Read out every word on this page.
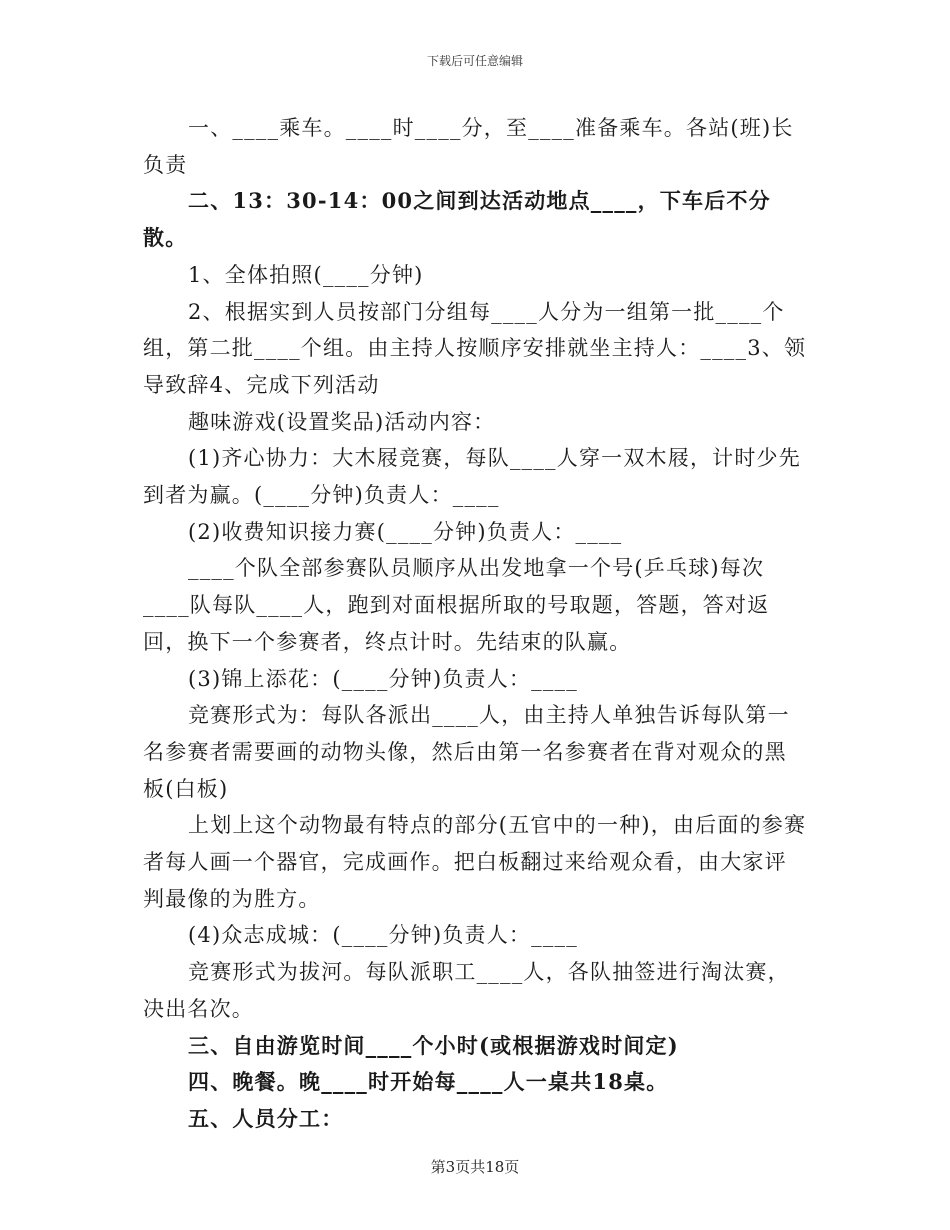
下载后可任意编辑

一、____乘车。____时____分，至____准备乘车。各站(班)长负责

二、13：30-14：00之间到达活动地点____，下车后不分散。

1、全体拍照(____分钟)

2、根据实到人员按部门分组每____人分为一组第一批____个组，第二批____个组。由主持人按顺序安排就坐主持人：____3、领导致辞4、完成下列活动

趣味游戏(设置奖品)活动内容：

(1)齐心协力：大木屐竞赛，每队____人穿一双木屐，计时少先到者为赢。(____分钟)负责人：____

(2)收费知识接力赛(____分钟)负责人：____

____个队全部参赛队员顺序从出发地拿一个号(乒乓球)每次____队每队____人，跑到对面根据所取的号取题，答题，答对返回，换下一个参赛者，终点计时。先结束的队赢。

(3)锦上添花：(____分钟)负责人：____

竞赛形式为：每队各派出____人，由主持人单独告诉每队第一名参赛者需要画的动物头像，然后由第一名参赛者在背对观众的黑板(白板)

上划上这个动物最有特点的部分(五官中的一种)，由后面的参赛者每人画一个器官，完成画作。把白板翻过来给观众看，由大家评判最像的为胜方。

(4)众志成城：(____分钟)负责人：____

竞赛形式为拔河。每队派职工____人，各队抽签进行淘汰赛，决出名次。

三、自由游览时间____个小时(或根据游戏时间定)

四、晚餐。晚____时开始每____人一桌共18桌。

五、人员分工：

第3页共18页
